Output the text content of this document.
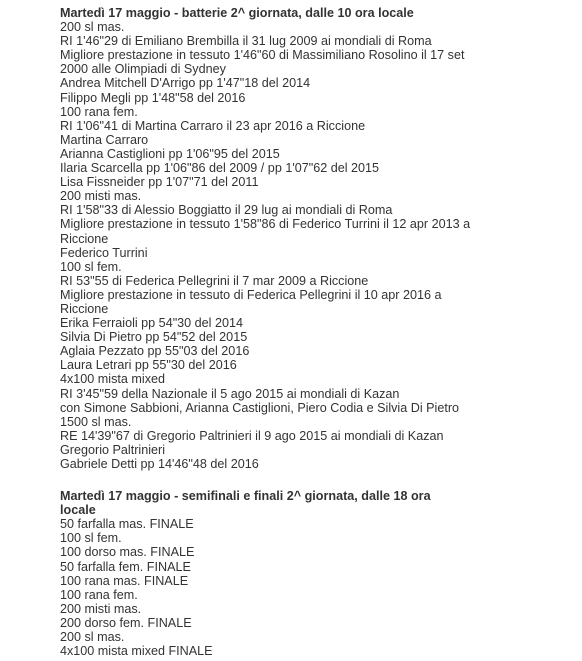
Martedì 17 maggio - batterie 2^ giornata, dalle 10 ora locale
200 sl mas.
RI 1'46"29 di Emiliano Brembilla il 31 lug 2009 ai mondiali di Roma
Migliore prestazione in tessuto 1'46"60 di Massimiliano Rosolino il 17 set 2000 alle Olimpiadi di Sydney
Andrea Mitchell D'Arrigo pp 1'47"18 del 2014
Filippo Megli pp 1'48"58 del 2016
100 rana fem.
RI 1'06"41 di Martina Carraro il 23 apr 2016 a Riccione
Martina Carraro
Arianna Castiglioni pp 1'06"95 del 2015
Ilaria Scarcella pp 1'06"86 del 2009 / pp 1'07"62 del 2015
Lisa Fissneider pp 1'07"71 del 2011
200 misti mas.
RI 1'58"33 di Alessio Boggiatto il 29 lug ai mondiali di Roma
Migliore prestazione in tessuto 1'58"86 di Federico Turrini il 12 apr 2013 a Riccione
Federico Turrini
100 sl fem.
RI 53"55 di Federica Pellegrini il 7 mar 2009 a Riccione
Migliore prestazione in tessuto di Federica Pellegrini il 10 apr 2016 a Riccione
Erika Ferraioli pp 54"30 del 2014
Silvia Di Pietro pp 54"52 del 2015
Aglaia Pezzato pp 55"03 del 2016
Laura Letrari pp 55"30 del 2016
4x100 mista mixed
RI 3'45"59 della Nazionale il 5 ago 2015 ai mondiali di Kazan
con Simone Sabbioni, Arianna Castiglioni, Piero Codia e Silvia Di Pietro
1500 sl mas.
RE 14'39"67 di Gregorio Paltrinieri il 9 ago 2015 ai mondiali di Kazan
Gregorio Paltrinieri
Gabriele Detti pp 14'46"48 del 2016
Martedì 17 maggio - semifinali e finali 2^ giornata, dalle 18 ora locale
50 farfalla mas. FINALE
100 sl fem.
100 dorso mas. FINALE
50 farfalla fem. FINALE
100 rana mas. FINALE
100 rana fem.
200 misti mas.
200 dorso fem. FINALE
200 sl mas.
4x100 mista mixed FINALE
